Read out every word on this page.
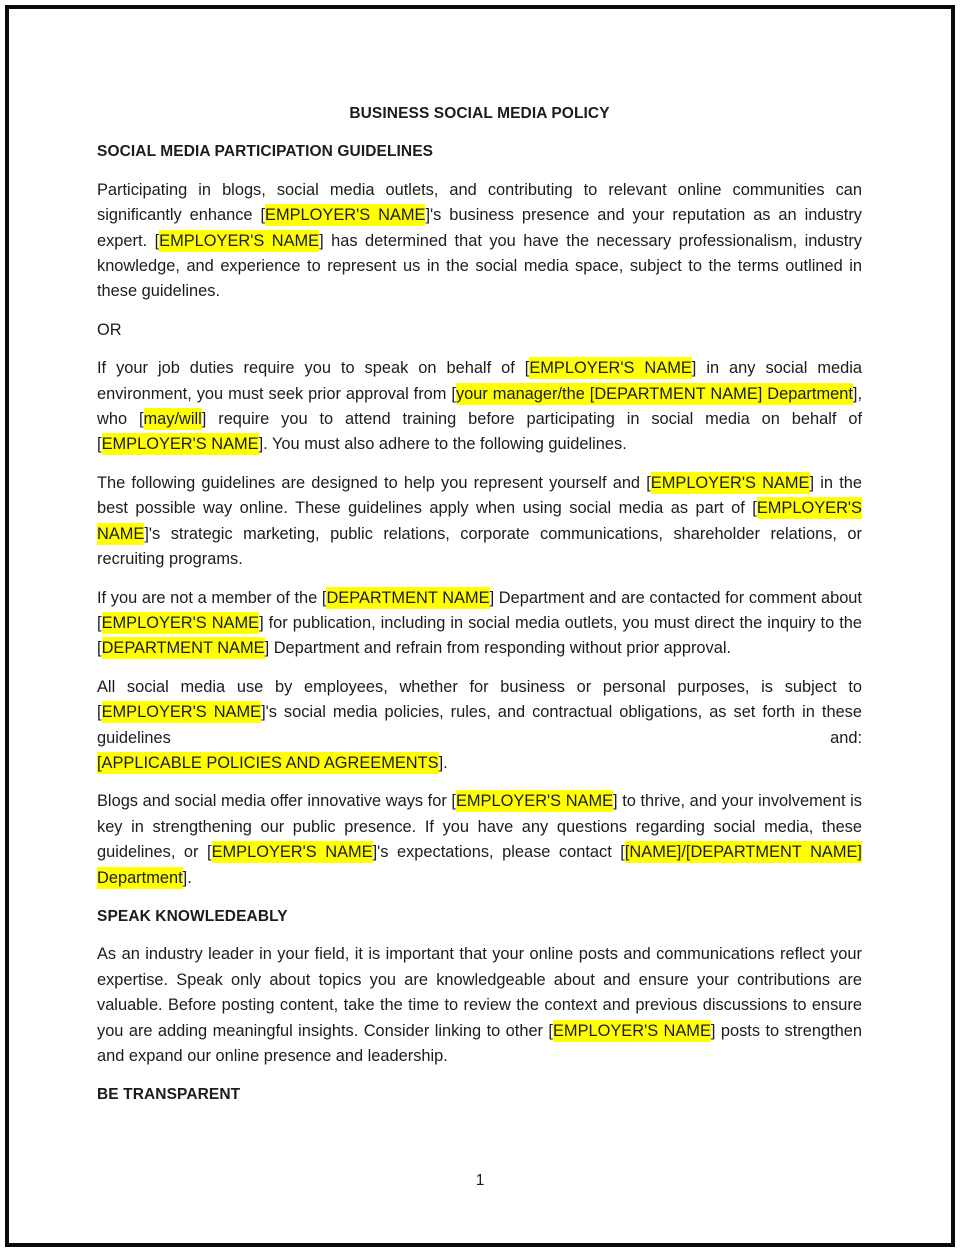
BUSINESS SOCIAL MEDIA POLICY
SOCIAL MEDIA PARTICIPATION GUIDELINES

Participating in blogs, social media outlets, and contributing to relevant online communities can significantly enhance [EMPLOYER'S NAME]'s business presence and your reputation as an industry expert. [EMPLOYER'S NAME] has determined that you have the necessary professionalism, industry knowledge, and experience to represent us in the social media space, subject to the terms outlined in these guidelines.

OR

If your job duties require you to speak on behalf of [EMPLOYER'S NAME] in any social media environment, you must seek prior approval from [your manager/the [DEPARTMENT NAME] Department], who [may/will] require you to attend training before participating in social media on behalf of [EMPLOYER'S NAME]. You must also adhere to the following guidelines.

The following guidelines are designed to help you represent yourself and [EMPLOYER'S NAME] in the best possible way online. These guidelines apply when using social media as part of [EMPLOYER'S NAME]'s strategic marketing, public relations, corporate communications, shareholder relations, or recruiting programs.

If you are not a member of the [DEPARTMENT NAME] Department and are contacted for comment about [EMPLOYER'S NAME] for publication, including in social media outlets, you must direct the inquiry to the [DEPARTMENT NAME] Department and refrain from responding without prior approval.

All social media use by employees, whether for business or personal purposes, is subject to [EMPLOYER'S NAME]'s social media policies, rules, and contractual obligations, as set forth in these

guidelines	and:

[APPLICABLE POLICIES AND AGREEMENTS].

Blogs and social media offer innovative ways for [EMPLOYER'S NAME] to thrive, and your involvement is key in strengthening our public presence. If you have any questions regarding social media, these guidelines, or [EMPLOYER'S NAME]'s expectations, please contact [[NAME]/[DEPARTMENT NAME] Department].

SPEAK KNOWLEDEABLY

As an industry leader in your field, it is important that your online posts and communications reflect your expertise. Speak only about topics you are knowledgeable about and ensure your contributions are valuable. Before posting content, take the time to review the context and previous discussions to ensure you are adding meaningful insights. Consider linking to other [EMPLOYER'S NAME] posts to strengthen and expand our online presence and leadership.

BE TRANSPARENT
1
